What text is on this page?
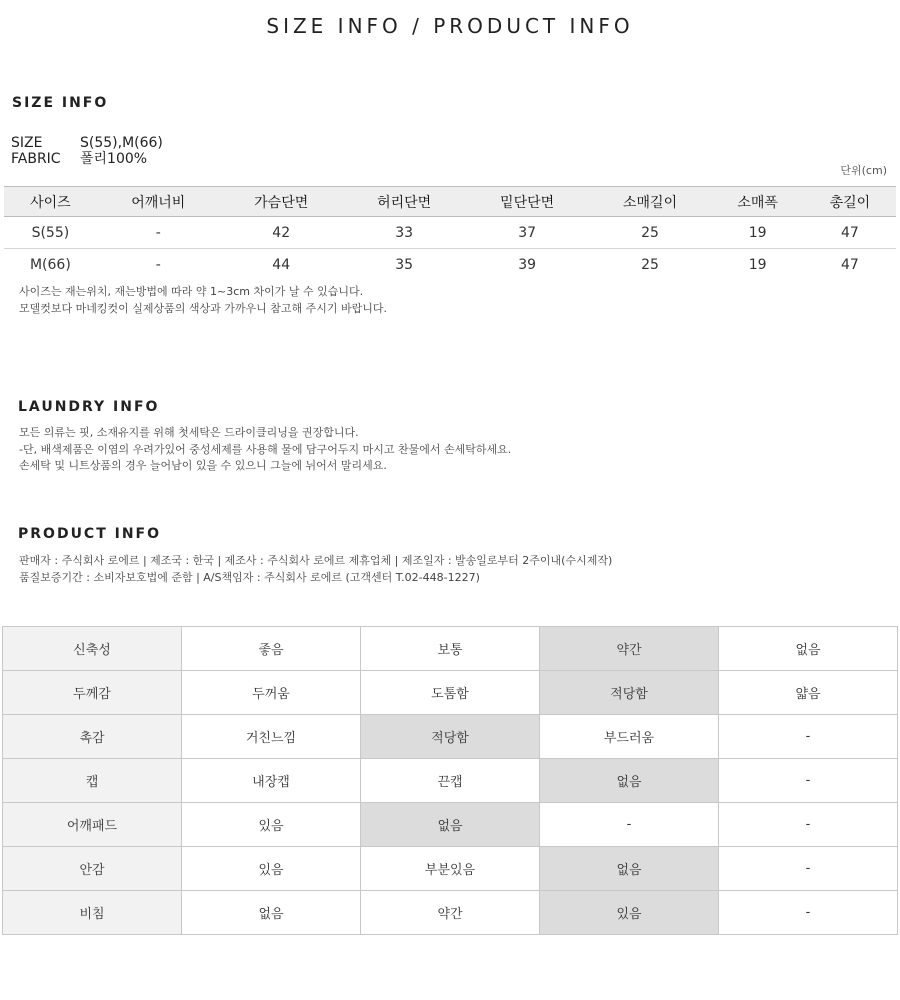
SIZE INFO / PRODUCT INFO
SIZE INFO
SIZE	S(55),M(66)
FABRIC 폴리100%
단위(cm)
사이즈	어깨너비	가슴단면	허리단면	밑단단면	소매길이	소매폭	총길이
S(55)	-	42	33	37	25	19	47
M(66)	-	44	35	39	25	19	47
사이즈는 재는위치, 재는방법에 따라 약 1~3cm 차이가 날 수 있습니다.
모델컷보다 마네킹컷이 실제상품의 색상과 가까우니 참고해 주시기 바랍니다.
LAUNDRY INFO
모든 의류는 핏, 소재유지를 위해 첫세탁은 드라이클리닝을 권장합니다.
-단, 배색제품은 이염의 우려가있어 중성세제를 사용해 물에 담구어두지 마시고 찬물에서 손세탁하세요.
손세탁 및 니트상품의 경우 늘어남이 있을 수 있으니 그늘에 뉘어서 말리세요.
PRODUCT INFO
판매자 : 주식회사 로에르 | 제조국 : 한국 | 제조사 : 주식회사 로에르 제휴업체 | 제조일자 : 발송일로부터 2주이내(수시제작)
품질보증기간 : 소비자보호법에 준함 | A/S책임자 : 주식회사 로에르 (고객센터 T.02-448-1227)
신축성	좋음	보통	약간	없음
두께감	두꺼움	도톰함	적당함	얇음
촉감	거친느낌	적당함	부드러움	-
캡	내장캡	끈캡	없음	-
어깨패드	있음	없음	-	-
안감	있음	부분있음	없음	-
비침	없음	약간	있음	-
